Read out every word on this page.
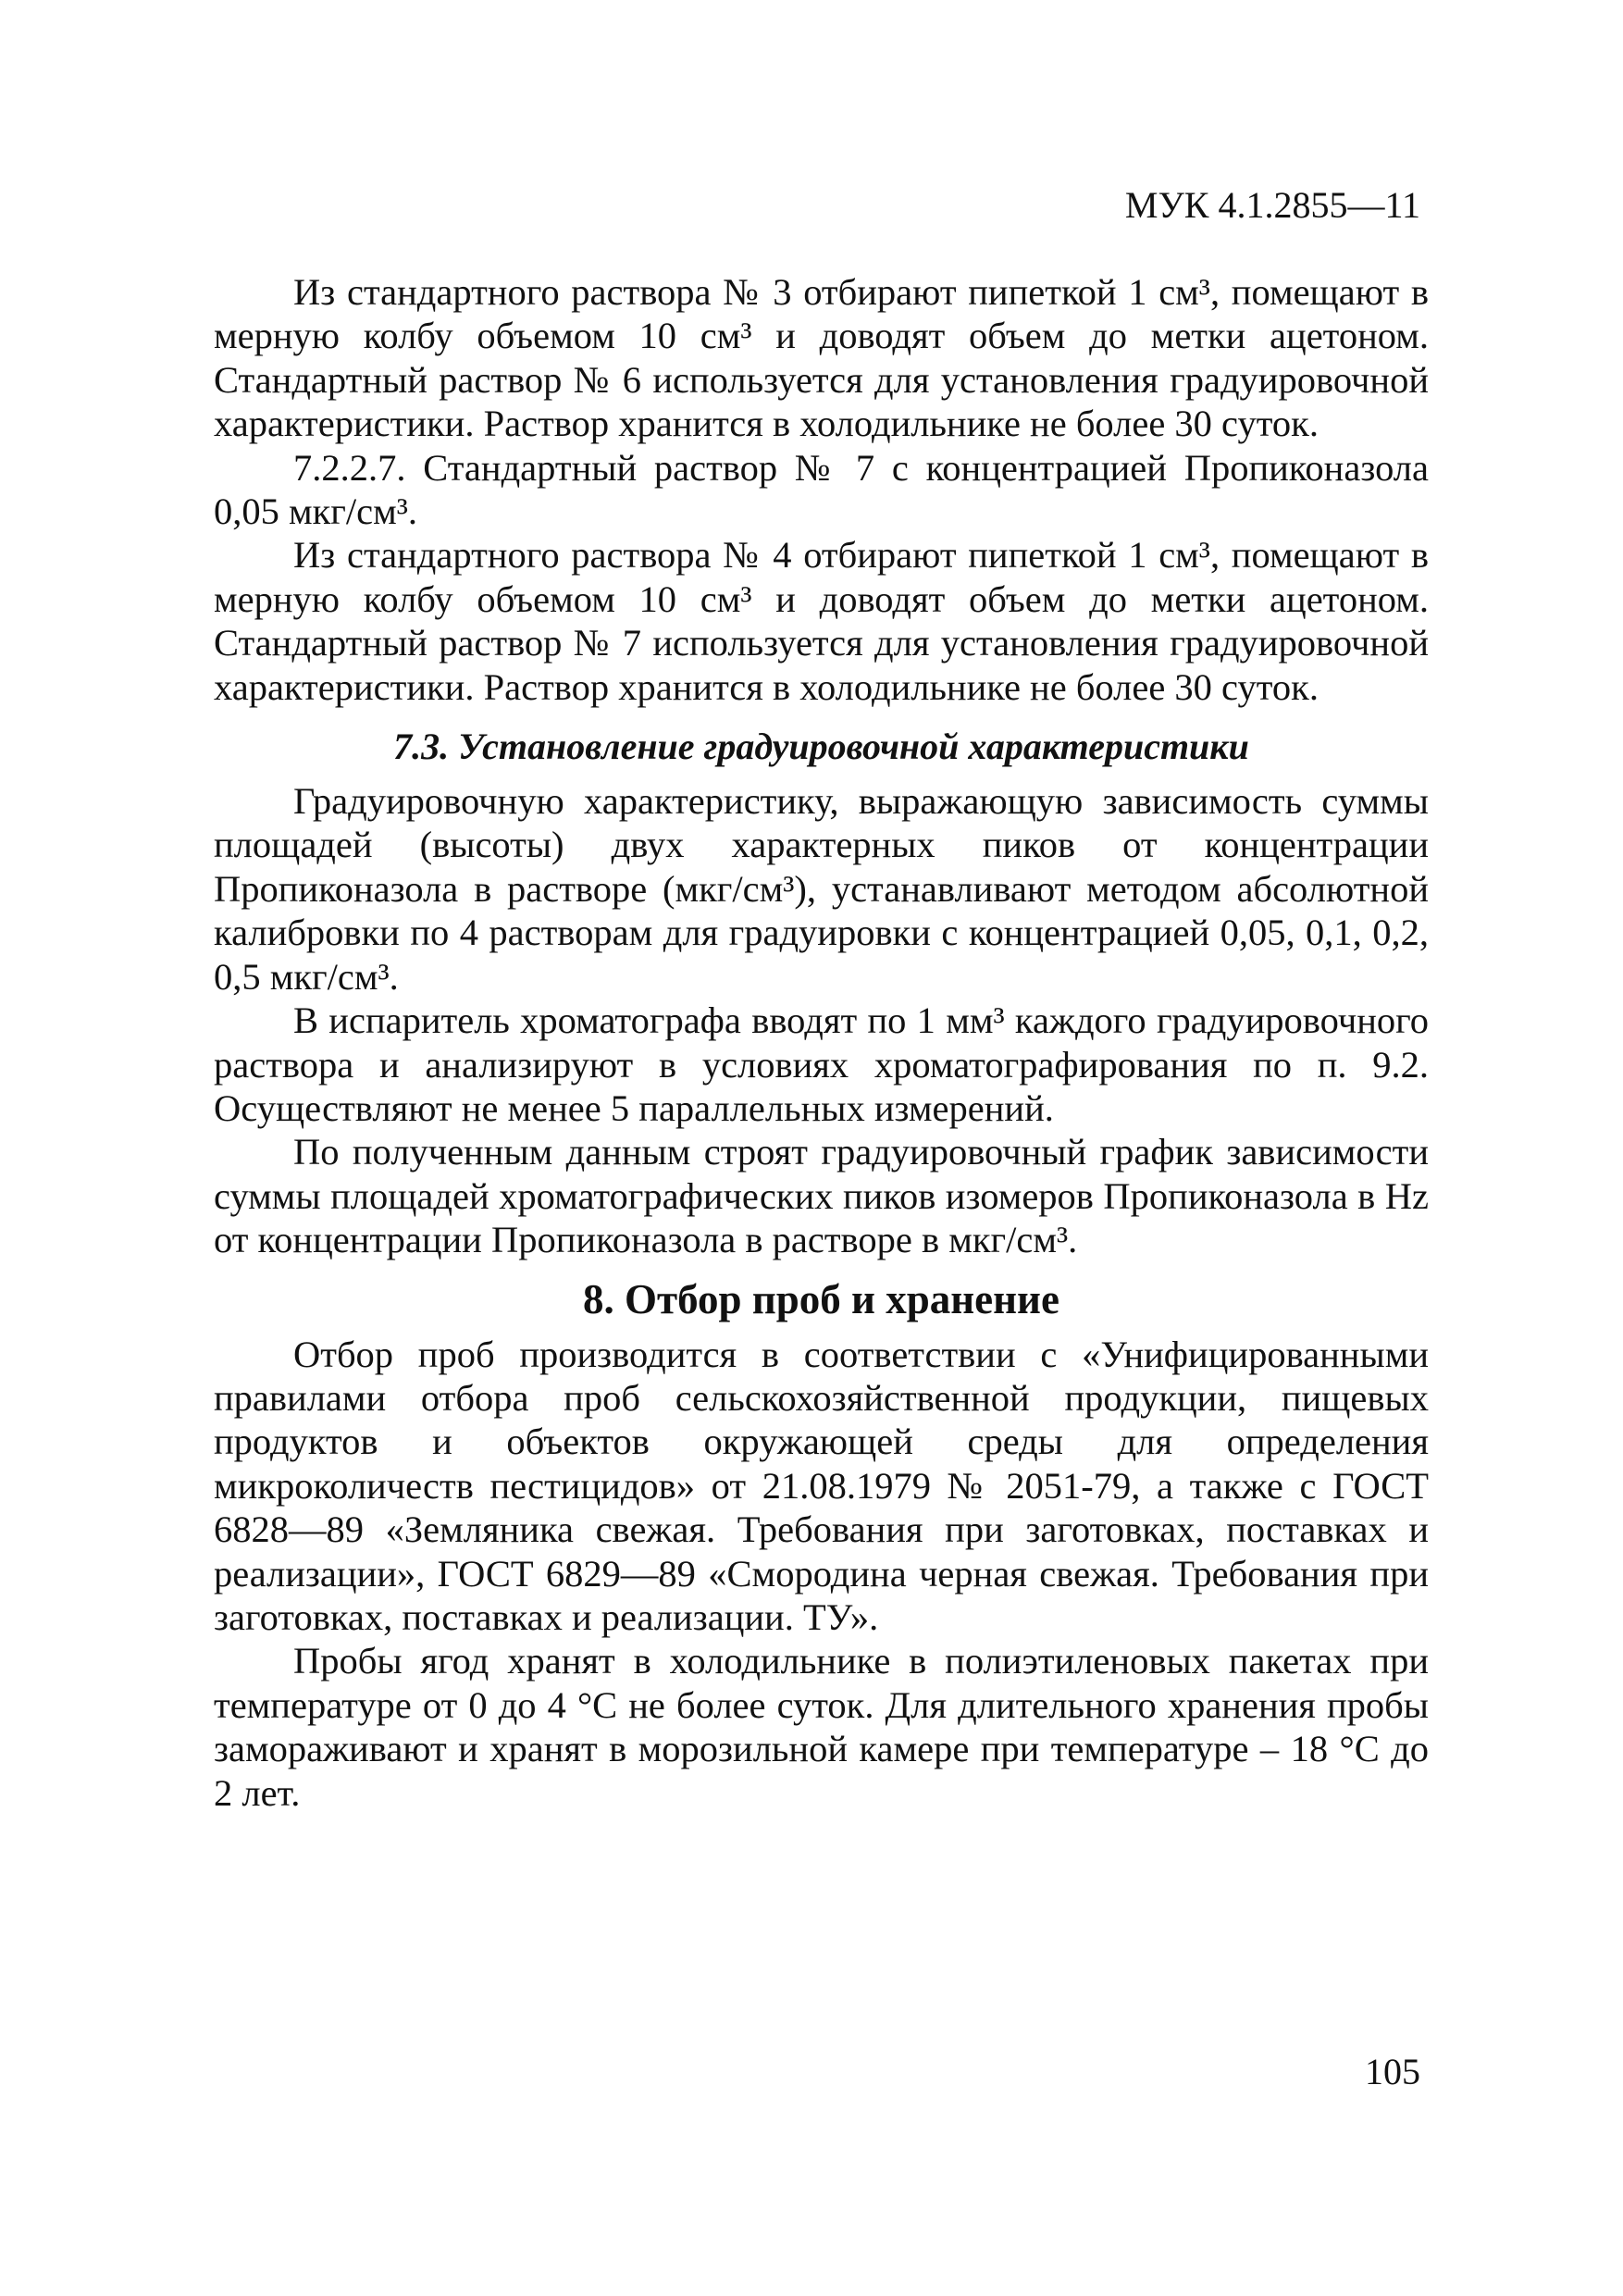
МУК 4.1.2855—11

Из стандартного раствора № 3 отбирают пипеткой 1 см³, помещают в мерную колбу объемом 10 см³ и доводят объем до метки ацетоном. Стандартный раствор № 6 используется для установления градуировочной характеристики. Раствор хранится в холодильнике не более 30 суток.

7.2.2.7. Стандартный раствор № 7 с концентрацией Пропиконазола 0,05 мкг/см³.

Из стандартного раствора № 4 отбирают пипеткой 1 см³, помещают в мерную колбу объемом 10 см³ и доводят объем до метки ацетоном. Стандартный раствор № 7 используется для установления градуировочной характеристики. Раствор хранится в холодильнике не более 30 суток.

7.3. Установление градуировочной характеристики

Градуировочную характеристику, выражающую зависимость суммы площадей (высоты) двух характерных пиков от концентрации Пропиконазола в растворе (мкг/см³), устанавливают методом абсолютной калибровки по 4 растворам для градуировки с концентрацией 0,05, 0,1, 0,2, 0,5 мкг/см³.

В испаритель хроматографа вводят по 1 мм³ каждого градуировочного раствора и анализируют в условиях хроматографирования по п. 9.2. Осуществляют не менее 5 параллельных измерений.

По полученным данным строят градуировочный график зависимости суммы площадей хроматографических пиков изомеров Пропиконазола в Hz от концентрации Пропиконазола в растворе в мкг/см³.

8. Отбор проб и хранение

Отбор проб производится в соответствии с «Унифицированными правилами отбора проб сельскохозяйственной продукции, пищевых продуктов и объектов окружающей среды для определения микроколичеств пестицидов» от 21.08.1979 № 2051-79, а также с ГОСТ 6828—89 «Земляника свежая. Требования при заготовках, поставках и реализации», ГОСТ 6829—89 «Смородина черная свежая. Требования при заготовках, поставках и реализации. ТУ».

Пробы ягод хранят в холодильнике в полиэтиленовых пакетах при температуре от 0 до 4 °С не более суток. Для длительного хранения пробы замораживают и хранят в морозильной камере при температуре – 18 °С до 2 лет.

105
